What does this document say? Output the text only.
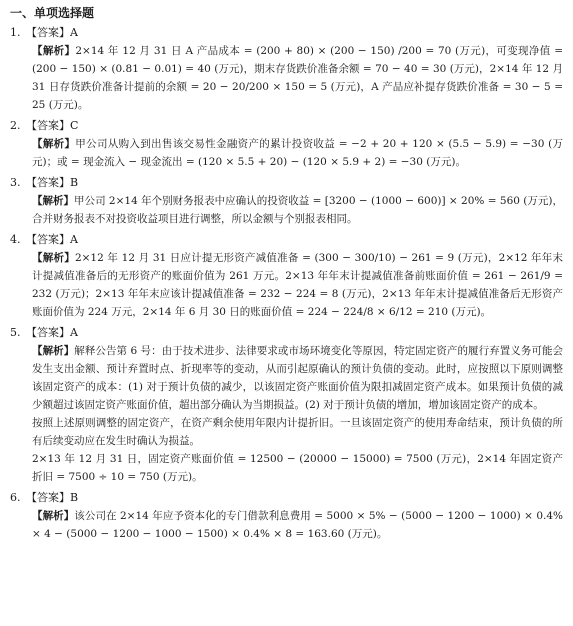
一、单项选择题
1. 【答案】A
【解析】2×14 年 12 月 31 日 A 产品成本 = (200 + 80) × (200 − 150) /200 = 70 (万元)，可变现净值 = (200 − 150) × (0.81 − 0.01) = 40 (万元)，期末存货跌价准备余额 = 70 − 40 = 30 (万元)，2×14 年 12 月 31 日存货跌价准备计提前的余额 = 20 − 20/200 × 150 = 5 (万元)，A 产品应补提存货跌价准备 = 30 − 5 = 25 (万元)。
2. 【答案】C
【解析】甲公司从购入到出售该交易性金融资产的累计投资收益 = −2 + 20 + 120 × (5.5 − 5.9) = −30 (万元)；或 = 现金流入 − 现金流出 = (120 × 5.5 + 20) − (120 × 5.9 + 2) = −30 (万元)。
3. 【答案】B
【解析】甲公司 2×14 年个别财务报表中应确认的投资收益 = [3200 − (1000 − 600)] × 20% = 560 (万元)，合并财务报表不对投资收益项目进行调整，所以金额与个别报表相同。
4. 【答案】A
【解析】2×12 年 12 月 31 日应计提无形资产减值准备 = (300 − 300/10) − 261 = 9 (万元)，2×12 年年末计提减值准备后的无形资产的账面价值为 261 万元。2×13 年年末计提减值准备前账面价值 = 261 − 261/9 = 232 (万元)；2×13 年年末应该计提减值准备 = 232 − 224 = 8 (万元)，2×13 年年末计提减值准备后无形资产账面价值为 224 万元，2×14 年 6 月 30 日的账面价值 = 224 − 224/8 × 6/12 = 210 (万元)。
5. 【答案】A
【解析】解释公告第 6 号：由于技术进步、法律要求或市场环境变化等原因，特定固定资产的履行弃置义务可能会发生支出金额、预计弃置时点、折现率等的变动，从而引起原确认的预计负债的变动。此时，应按照以下原则调整该固定资产的成本：(1) 对于预计负债的减少，以该固定资产账面价值为限扣减固定资产成本。如果预计负债的减少额超过该固定资产账面价值，超出部分确认为当期损益。(2) 对于预计负债的增加，增加该固定资产的成本。
按照上述原则调整的固定资产，在资产剩余使用年限内计提折旧。一旦该固定资产的使用寿命结束，预计负债的所有后续变动应在发生时确认为损益。
2×13 年 12 月 31 日，固定资产账面价值 = 12500 − (20000 − 15000) = 7500 (万元)，2×14 年固定资产折旧 = 7500 ÷ 10 = 750 (万元)。
6. 【答案】B
【解析】该公司在 2×14 年应予资本化的专门借款利息费用 = 5000 × 5% − (5000 − 1200 − 1000) × 0.4% × 4 − (5000 − 1200 − 1000 − 1500) × 0.4% × 8 = 163.60 (万元)。
